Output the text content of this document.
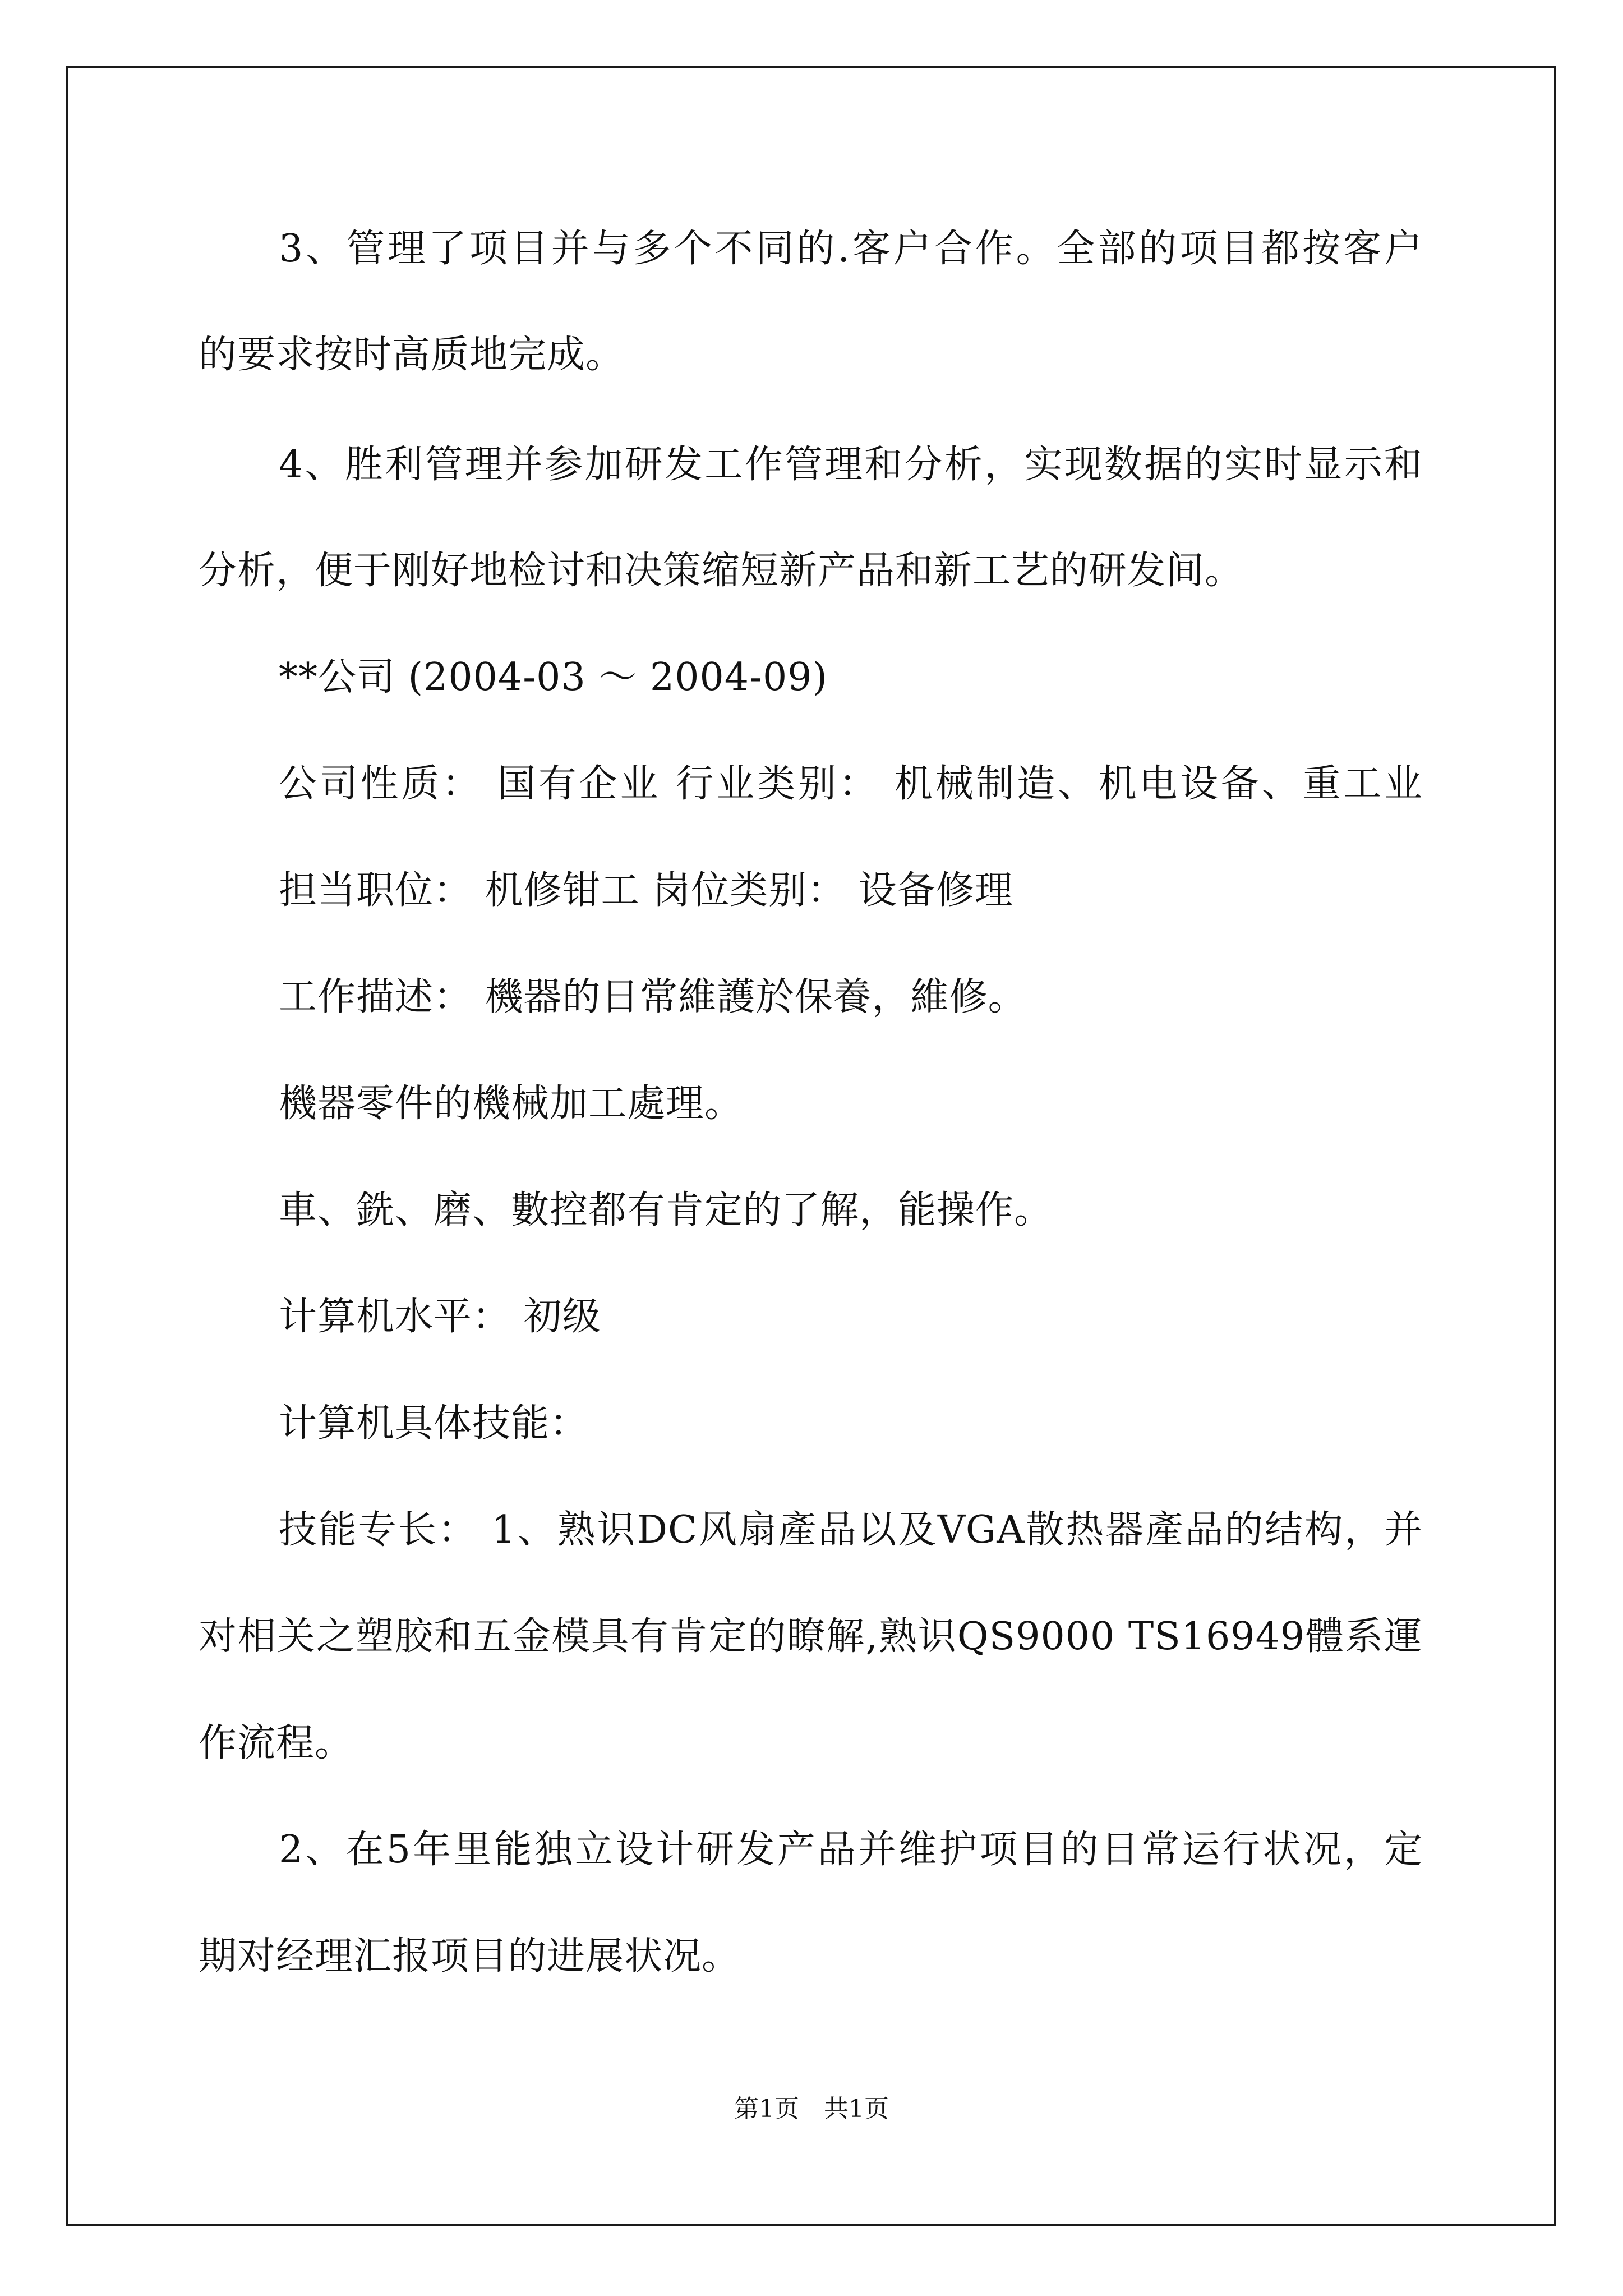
3、管理了项目并与多个不同的.客户合作。全部的项目都按客户
的要求按时高质地完成。
4、胜利管理并参加研发工作管理和分析，实现数据的实时显示和
分析，便于刚好地检讨和决策缩短新产品和新工艺的研发间。
**公司 (2004-03 ～ 2004-09)
公司性质： 国有企业 行业类别： 机械制造、机电设备、重工业
担当职位： 机修钳工 岗位类别： 设备修理
工作描述： 機器的日常維護於保養，維修。
機器零件的機械加工處理。
車、銑、磨、數控都有肯定的了解，能操作。
计算机水平： 初级
计算机具体技能：
技能专长： 1、熟识DC风扇產品以及VGA散热器產品的结构，并
对相关之塑胶和五金模具有肯定的瞭解,熟识QS9000 TS16949體系運
作流程。
2、在5年里能独立设计研发产品并维护项目的日常运行状况，定
期对经理汇报项目的进展状况。
第1页　共1页
